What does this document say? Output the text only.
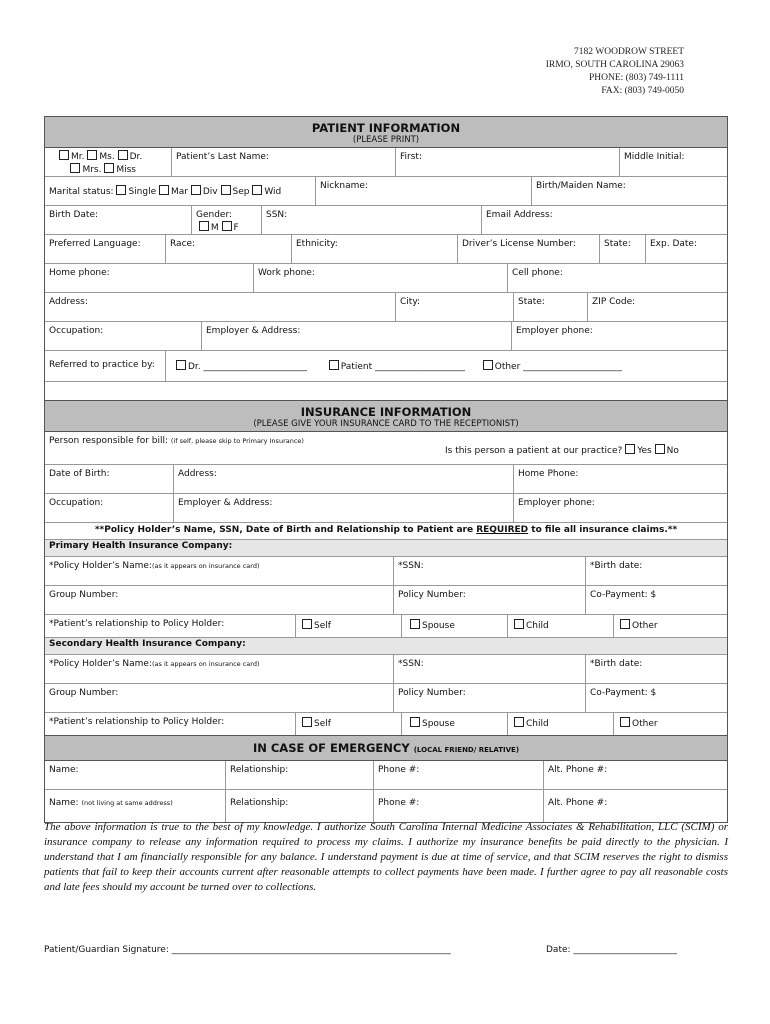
7182 WOODROW STREET
IRMO, SOUTH CAROLINA 29063
PHONE: (803) 749-1111
FAX: (803) 749-0050
PATIENT INFORMATION
(PLEASE PRINT)
Mr. Ms. Dr.
Mrs. Miss
Patient’s Last Name:	First:	Middle Initial:
Marital status: Single Mar Div Sep Wid
Nickname:	Birth/Maiden Name:
Birth Date:	Gender:
M F
SSN:	Email Address:
Preferred Language:	Race:	Ethnicity:	Driver’s License Number:	State:	Exp. Date:
Home phone:	Work phone:	Cell phone:
Address:	City:	State:	ZIP Code:
Occupation:	Employer & Address:	Employer phone:
Referred to practice by:	Dr. _______________________	Patient ____________________	Other ______________________
INSURANCE INFORMATION
(PLEASE GIVE YOUR INSURANCE CARD TO THE RECEPTIONIST)
Person responsible for bill: (if self, please skip to Primary Insurance)
Is this person a patient at our practice? Yes No
Date of Birth:	Address:	Home Phone:
Occupation:	Employer & Address:	Employer phone:
**Policy Holder’s Name, SSN, Date of Birth and Relationship to Patient are REQUIRED to file all insurance claims.**
Primary Health Insurance Company:
*Policy Holder’s Name:(as it appears on insurance card)	*SSN:	*Birth date:
Group Number:	Policy Number:	Co-Payment: $
*Patient’s relationship to Policy Holder:	Self	Spouse	Child	Other
Secondary Health Insurance Company:
*Policy Holder’s Name:(as it appears on insurance card)	*SSN:	*Birth date:
Group Number:	Policy Number:	Co-Payment: $
*Patient’s relationship to Policy Holder:	Self	Spouse	Child	Other
IN CASE OF EMERGENCY (LOCAL FRIEND/ RELATIVE)
Name:	Relationship:	Phone #:	Alt. Phone #:
Name: (not living at same address)	Relationship:	Phone #:	Alt. Phone #:
The above information is true to the best of my knowledge. I authorize South Carolina Internal Medicine Associates & Rehabilitation, LLC (SCIM) or insurance company to release any information required to process my claims. I authorize my insurance benefits be paid directly to the physician. I understand that I am financially responsible for any balance. I understand payment is due at time of service, and that SCIM reserves the right to dismiss patients that fail to keep their accounts current after reasonable attempts to collect payments have been made. I further agree to pay all reasonable costs and late fees should my account be turned over to collections.
Patient/Guardian Signature: ______________________________________________________________	Date: _______________________
